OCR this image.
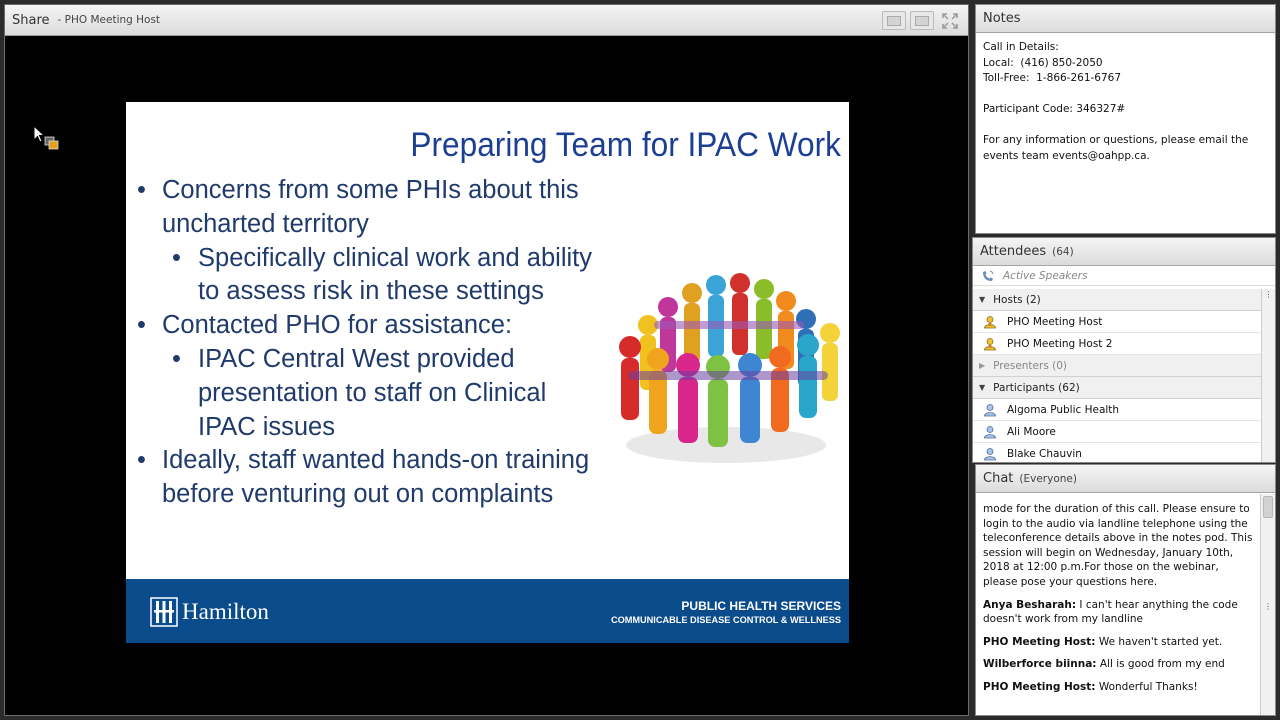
Share - PHO Meeting Host
Preparing Team for IPAC Work
• Concerns from some PHIs about this uncharted territory
• Specifically clinical work and ability to assess risk in these settings
• Contacted PHO for assistance:
• IPAC Central West provided presentation to staff on Clinical IPAC issues
• Ideally, staff wanted hands-on training before venturing out on complaints
Hamilton	PUBLIC HEALTH SERVICES
COMMUNICABLE DISEASE CONTROL & WELLNESS
Notes
Call in Details:
Local:  (416) 850-2050
Toll-Free:  1-866-261-6767
Participant Code: 346327#
For any information or questions, please email the events team events@oahpp.ca.
Attendees (64)
Active Speakers
▼ Hosts (2)
PHO Meeting Host
PHO Meeting Host 2
▶ Presenters (0)
▼ Participants (62)
Algoma Public Health
Ali Moore
Blake Chauvin
⋮
Chat (Everyone)
mode for the duration of this call. Please ensure to login to the audio via landline telephone using the teleconference details above in the notes pod. This session will begin on Wednesday, January 10th, 2018 at 12:00 p.m.For those on the webinar, please pose your questions here.
Anya Besharah: I can't hear anything the code doesn't work from my landline
PHO Meeting Host: We haven't started yet.
Wilberforce biinna: All is good from my end
PHO Meeting Host: Wonderful Thanks!
⋮
